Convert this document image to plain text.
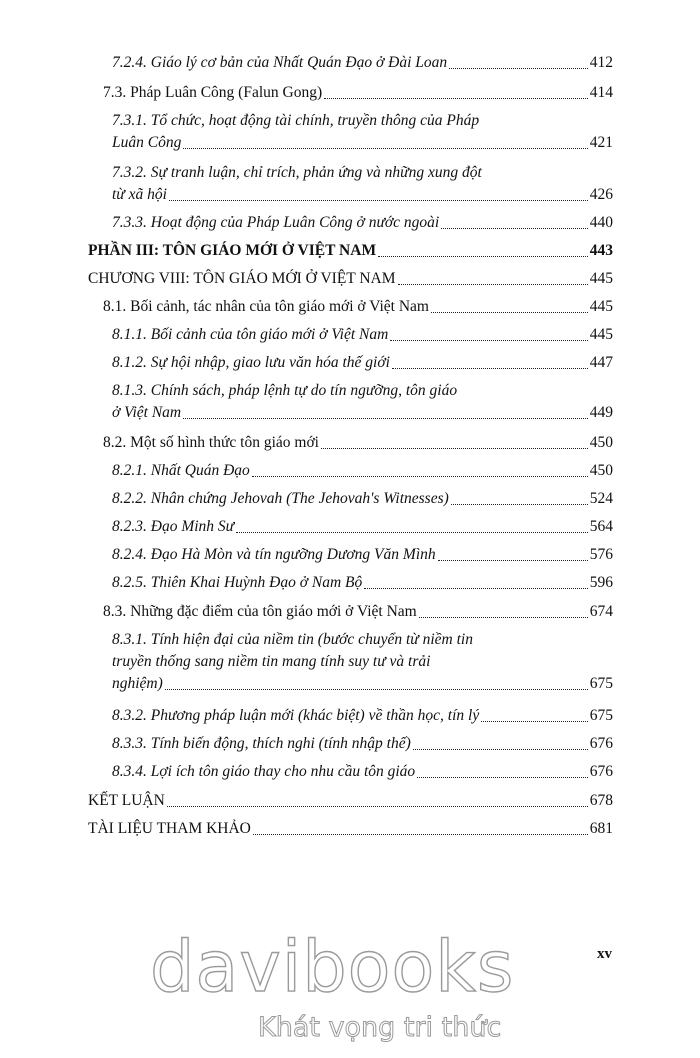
7.2.4. Giáo lý cơ bản của Nhất Quán Đạo ở Đài Loan	412
7.3. Pháp Luân Công (Falun Gong)	414
7.3.1. Tổ chức, hoạt động tài chính, truyền thông của Pháp
Luân Công	421
7.3.2. Sự tranh luận, chỉ trích, phản ứng và những xung đột
từ xã hội	426
7.3.3. Hoạt động của Pháp Luân Công ở nước ngoài	440
PHẦN III: TÔN GIÁO MỚI Ở VIỆT NAM	443
CHƯƠNG VIII: TÔN GIÁO MỚI Ở VIỆT NAM	445
8.1. Bối cảnh, tác nhân của tôn giáo mới ở Việt Nam	445
8.1.1. Bối cảnh của tôn giáo mới ở Việt Nam	445
8.1.2. Sự hội nhập, giao lưu văn hóa thế giới	447
8.1.3. Chính sách, pháp lệnh tự do tín ngưỡng, tôn giáo
ở Việt Nam	449
8.2. Một số hình thức tôn giáo mới	450
8.2.1. Nhất Quán Đạo	450
8.2.2. Nhân chứng Jehovah (The Jehovah's Witnesses)	524
8.2.3. Đạo Minh Sư	564
8.2.4. Đạo Hà Mòn và tín ngưỡng Dương Văn Mình	576
8.2.5. Thiên Khai Huỳnh Đạo ở Nam Bộ	596
8.3. Những đặc điểm của tôn giáo mới ở Việt Nam	674
8.3.1. Tính hiện đại của niềm tin (bước chuyển từ niềm tin
truyền thống sang niềm tin mang tính suy tư và trải
nghiệm)	675
8.3.2. Phương pháp luận mới (khác biệt) về thần học, tín lý	675
8.3.3. Tính biến động, thích nghi (tính nhập thế)	676
8.3.4. Lợi ích tôn giáo thay cho nhu cầu tôn giáo	676
KẾT LUẬN	678
TÀI LIỆU THAM KHẢO	681
xv
davibooks
Khát vọng tri thức
